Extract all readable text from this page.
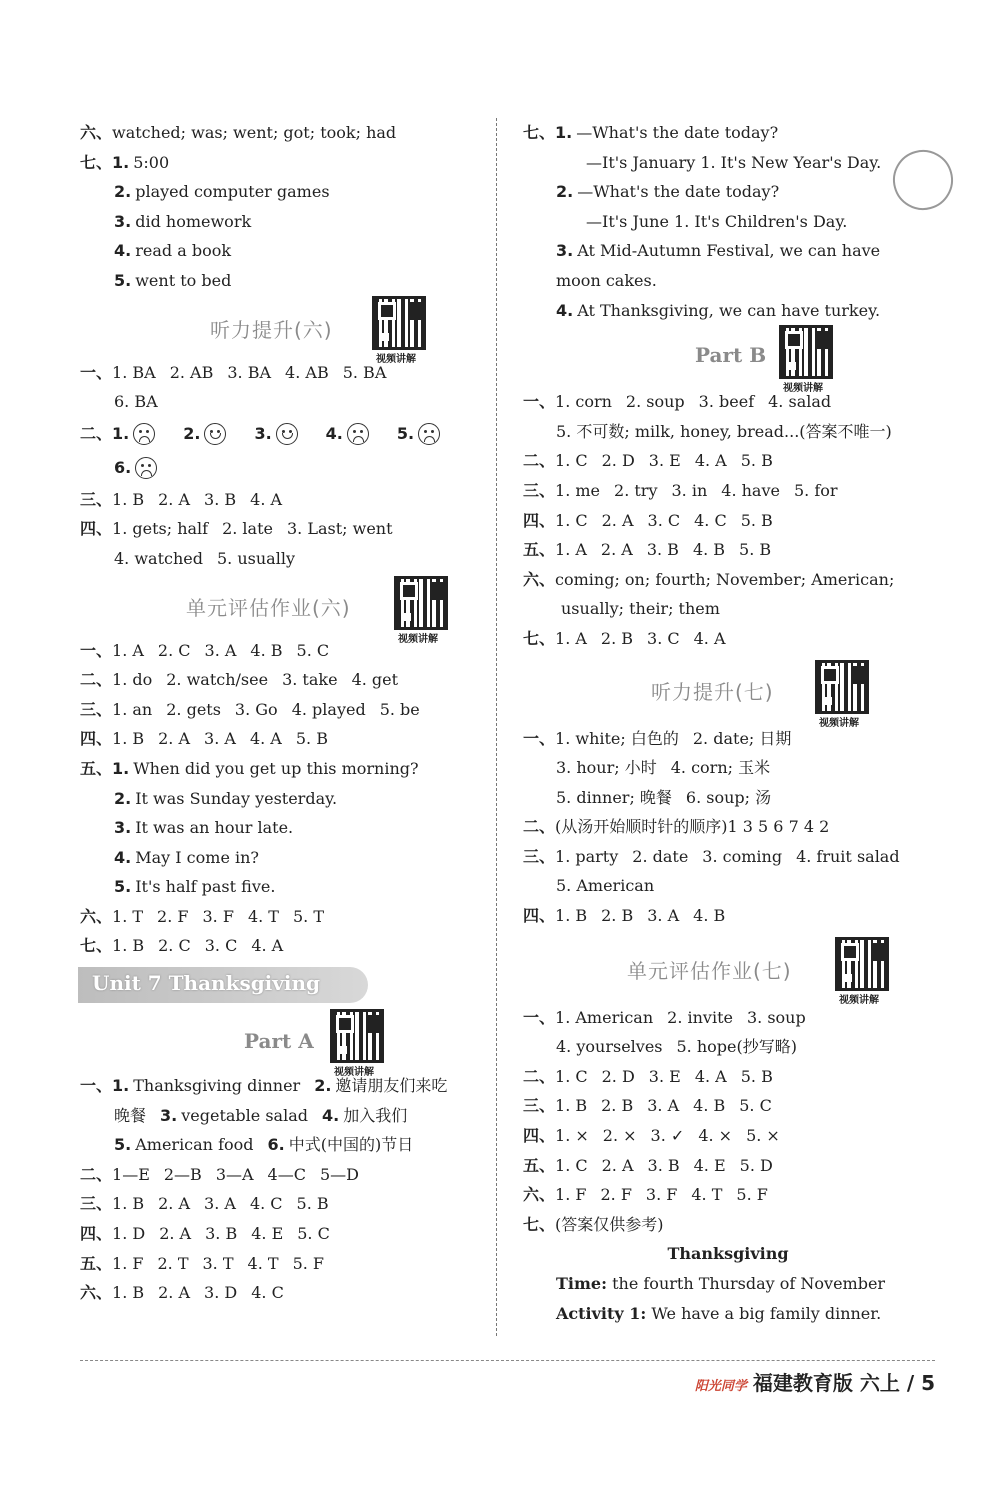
六、watched; was; went; got; took; had
七、1. 5:00
2. played computer games
3. did homework
4. read a book
5. went to bed
听力提升(六)
视频讲解
一、1. BA 2. AB 3. BA 4. AB 5. BA
6. BA
二、1.	2.	3.	4.	5.
6.
三、1. B 2. A 3. B 4. A
四、1. gets; half 2. late 3. Last; went
4. watched 5. usually
单元评估作业(六)
视频讲解
一、1. A 2. C 3. A 4. B 5. C
二、1. do 2. watch/see 3. take 4. get
三、1. an 2. gets 3. Go 4. played 5. be
四、1. B 2. A 3. A 4. A 5. B
五、1. When did you get up this morning?
2. It was Sunday yesterday.
3. It was an hour late.
4. May I come in?
5. It's half past five.
六、1. T 2. F 3. F 4. T 5. T
七、1. B 2. C 3. C 4. A
Unit 7 Thanksgiving
Part A
视频讲解
一、1. Thanksgiving dinner 2. 邀请朋友们来吃
晚餐 3. vegetable salad 4. 加入我们
5. American food 6. 中式(中国的)节日
二、1—E 2—B 3—A 4—C 5—D
三、1. B 2. A 3. A 4. C 5. B
四、1. D 2. A 3. B 4. E 5. C
五、1. F 2. T 3. T 4. T 5. F
六、1. B 2. A 3. D 4. C
七、1. —What's the date today?
—It's January 1. It's New Year's Day.
2. —What's the date today?
—It's June 1. It's Children's Day.
3. At Mid-Autumn Festival, we can have
moon cakes.
4. At Thanksgiving, we can have turkey.
Part B
视频讲解
一、1. corn 2. soup 3. beef 4. salad
5. 不可数; milk, honey, bread...(答案不唯一)
二、1. C 2. D 3. E 4. A 5. B
三、1. me 2. try 3. in 4. have 5. for
四、1. C 2. A 3. C 4. C 5. B
五、1. A 2. A 3. B 4. B 5. B
六、coming; on; fourth; November; American;
usually; their; them
七、1. A 2. B 3. C 4. A
听力提升(七)
视频讲解
一、1. white; 白色的 2. date; 日期
3. hour; 小时 4. corn; 玉米
5. dinner; 晚餐 6. soup; 汤
二、(从汤开始顺时针的顺序)1 3 5 6 7 4 2
三、1. party 2. date 3. coming 4. fruit salad
5. American
四、1. B 2. B 3. A 4. B
单元评估作业(七)
视频讲解
一、1. American 2. invite 3. soup
4. yourselves 5. hope(抄写略)
二、1. C 2. D 3. E 4. A 5. B
三、1. B 2. B 3. A 4. B 5. C
四、1. × 2. × 3. ✓ 4. × 5. ×
五、1. C 2. A 3. B 4. E 5. D
六、1. F 2. F 3. F 4. T 5. F
七、(答案仅供参考)
Thanksgiving
Time: the fourth Thursday of November
Activity 1: We have a big family dinner.
阳光同学 福建教育版 六上 / 5
